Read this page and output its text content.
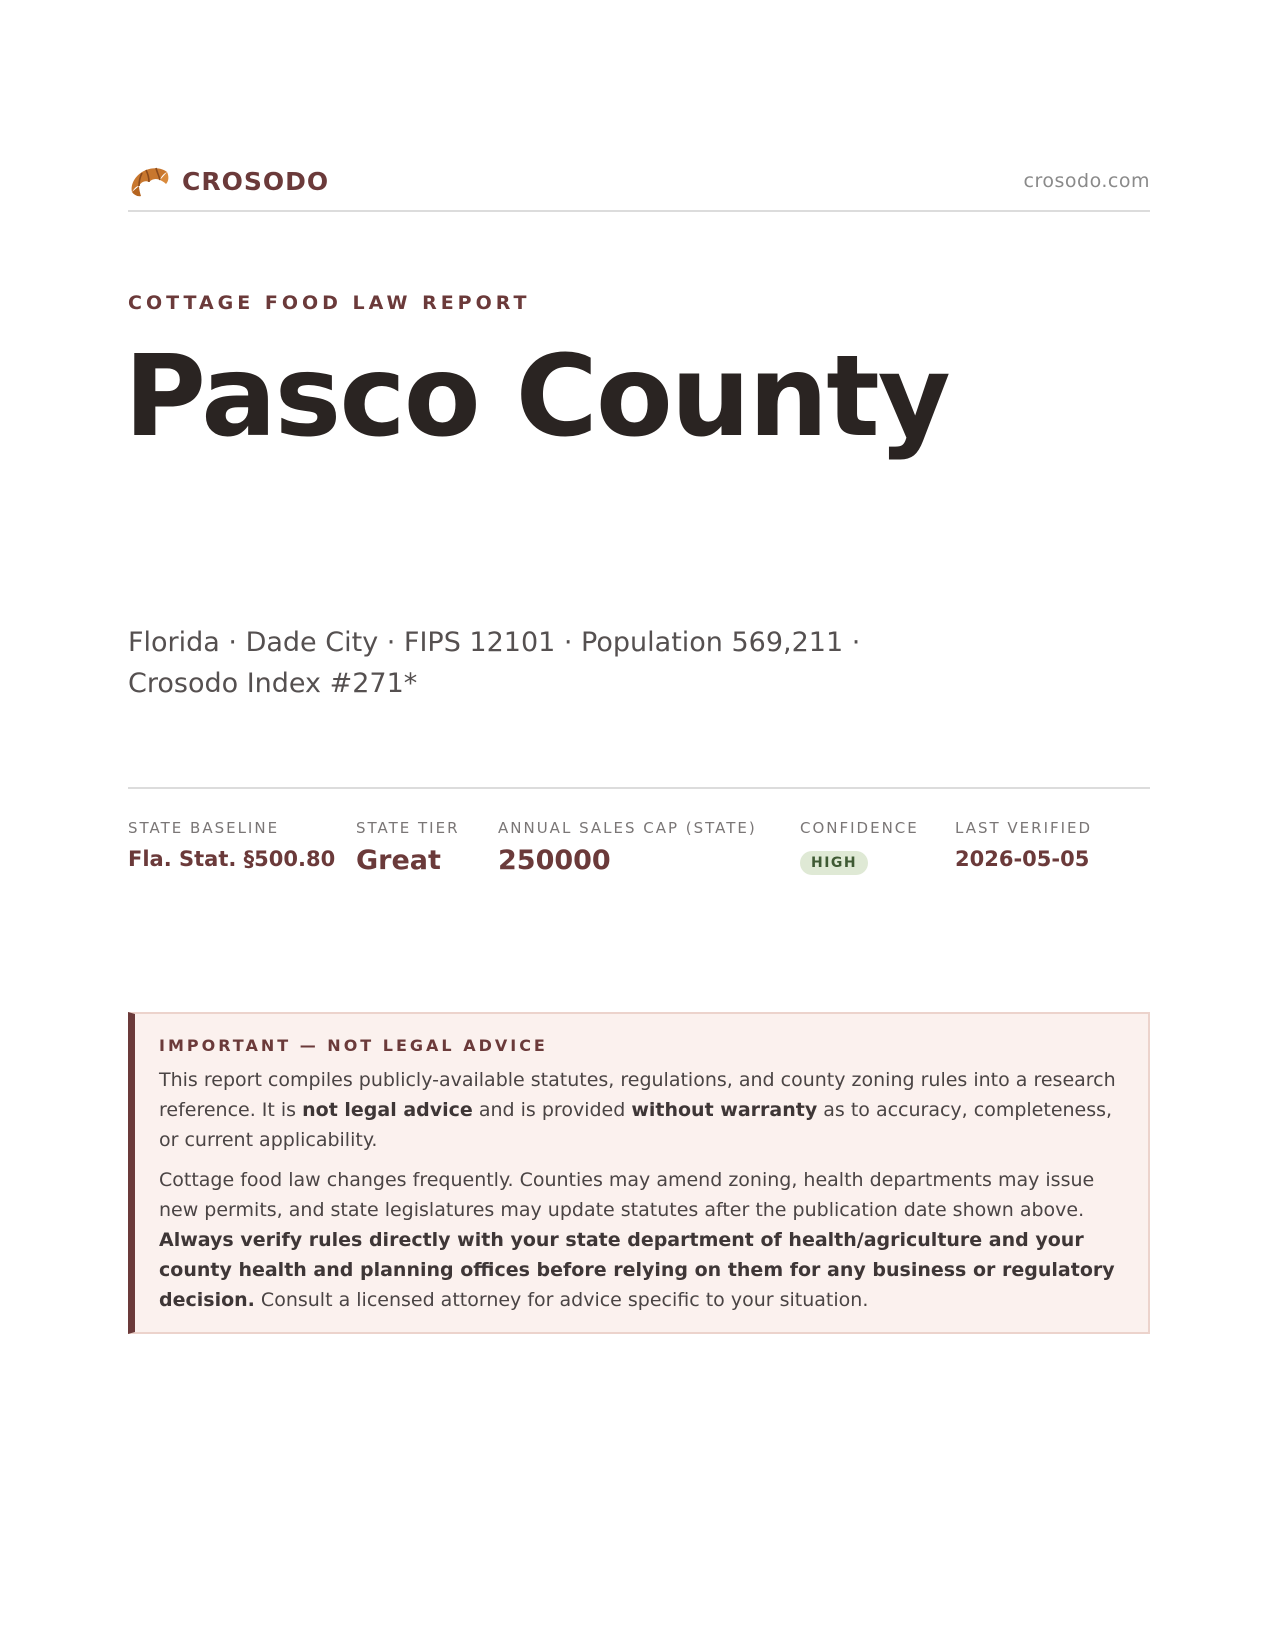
CROSODO	crosodo.com
COTTAGE FOOD LAW REPORT
Pasco County
Florida · Dade City · FIPS 12101 · Population 569,211 · Crosodo Index #271*
STATE BASELINE
Fla. Stat. §500.80
STATE TIER
Great
ANNUAL SALES CAP (STATE)
250000
CONFIDENCE
HIGH
LAST VERIFIED
2026-05-05
IMPORTANT — NOT LEGAL ADVICE

This report compiles publicly-available statutes, regulations, and county zoning rules into a research reference. It is not legal advice and is provided without warranty as to accuracy, completeness, or current applicability.

Cottage food law changes frequently. Counties may amend zoning, health departments may issue new permits, and state legislatures may update statutes after the publication date shown above. Always verify rules directly with your state department of health/agriculture and your county health and planning offices before relying on them for any business or regulatory decision. Consult a licensed attorney for advice specific to your situation.
